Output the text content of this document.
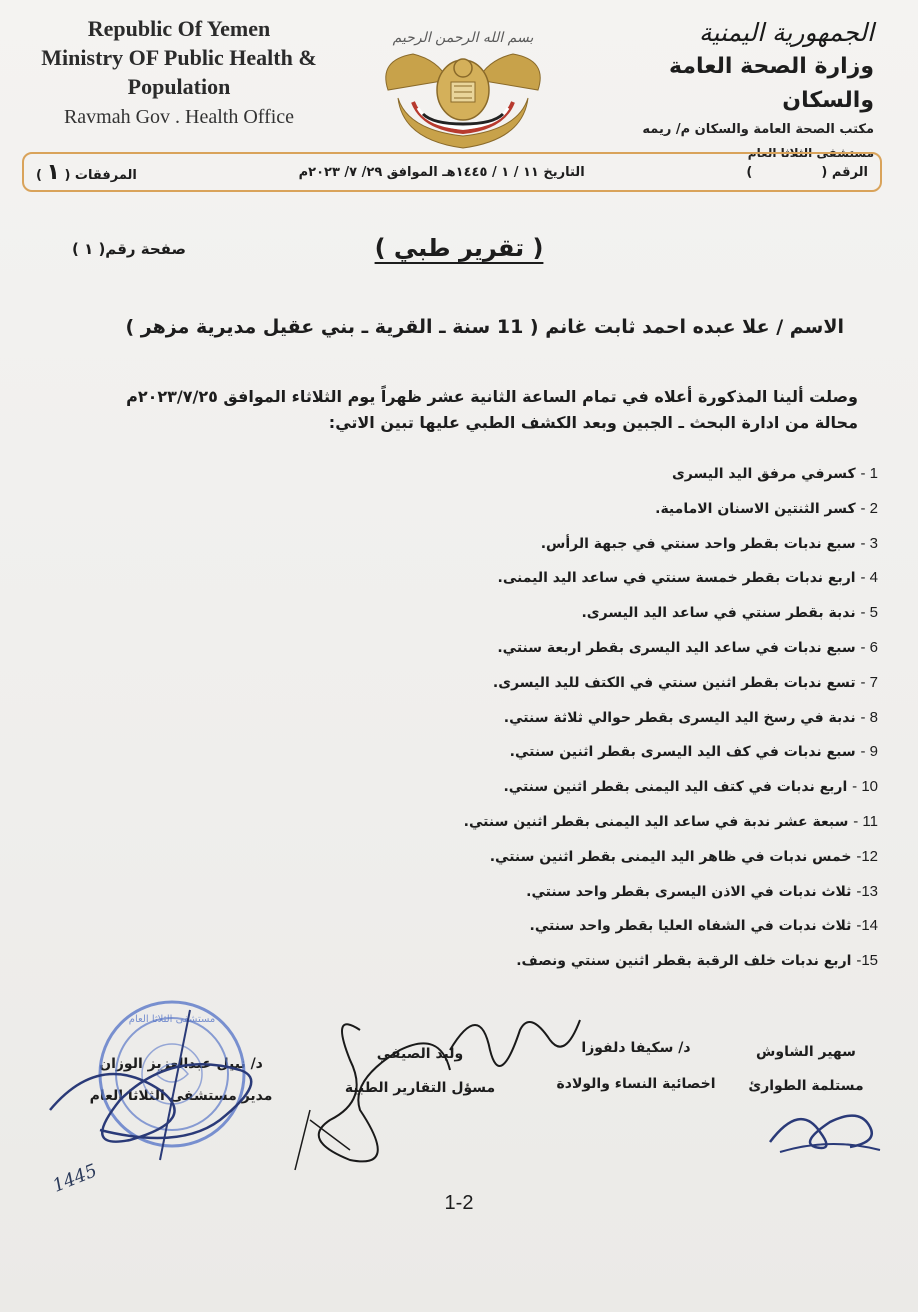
Republic Of Yemen
Ministry OF Public Health &
Population
Ravmah Gov . Health Office
بسم الله الرحمن الرحيم	الجمهورية اليمنية
وزارة الصحة العامة والسكان
مكتب الصحة العامة والسكان م/ ريمه
مستشفى الثلاثا العام
الرقم (  )
التاريخ ١١ / ١ / ١٤٤٥هـ الموافق ٢٩/ ٧/ ٢٠٢٣م
المرفقات ( ١ )
صفحة رقم( ١ )	( تقرير طبي )
الاسم / علا عبده احمد ثابت غانم ( 11 سنة ـ القرية ـ بني عقيل مديرية مزهر )
وصلت ألينا المذكورة أعلاه في تمام الساعة الثانية عشر ظهراً يوم الثلاثاء الموافق ٢٠٢٣/٧/٢٥م
محالة من ادارة البحث ـ الجبين وبعد الكشف الطبي عليها تبين الاتي:
1 - كسرفي مرفق اليد اليسرى
2 - كسر الثنتين الاسنان الامامية.
3 - سبع ندبات بقطر واحد سنتي في جبهة الرأس.
4 - اربع ندبات بقطر خمسة سنتي في ساعد اليد اليمنى.
5 - ندبة بقطر سنتي في ساعد اليد اليسرى.
6 - سبع ندبات في ساعد اليد اليسرى بقطر اربعة سنتي.
7 - تسع ندبات بقطر اثنين سنتي في الكتف لليد اليسرى.
8 - ندبة في رسخ اليد اليسرى بقطر حوالي ثلاثة سنتي.
9 - سبع ندبات في كف اليد اليسرى بقطر اثنين سنتي.
10 - اربع ندبات في كتف اليد اليمنى بقطر اثنين سنتي.
11 - سبعة عشر ندبة في ساعد اليد اليمنى بقطر اثنين سنتي.
12- خمس ندبات في ظاهر اليد اليمنى بقطر اثنين سنتي.
13- ثلاث ندبات في الاذن اليسرى بقطر واحد سنتي.
14- ثلاث ندبات في الشفاه العليا بقطر واحد سنتي.
15- اربع ندبات خلف الرقبة بقطر اثنين سنتي ونصف.
سهير الشاوش
مستلمة الطوارئ
د/ سكيفا دلفوزا
اخصائية النساء والولادة
وليد الصيفي
مسؤل التقارير الطبية
د/ نبيل عبدالعزيز الوزان
مدير مستشفى الثلاثا العام
مستشفى الثلاثا العام
1445
1-2
